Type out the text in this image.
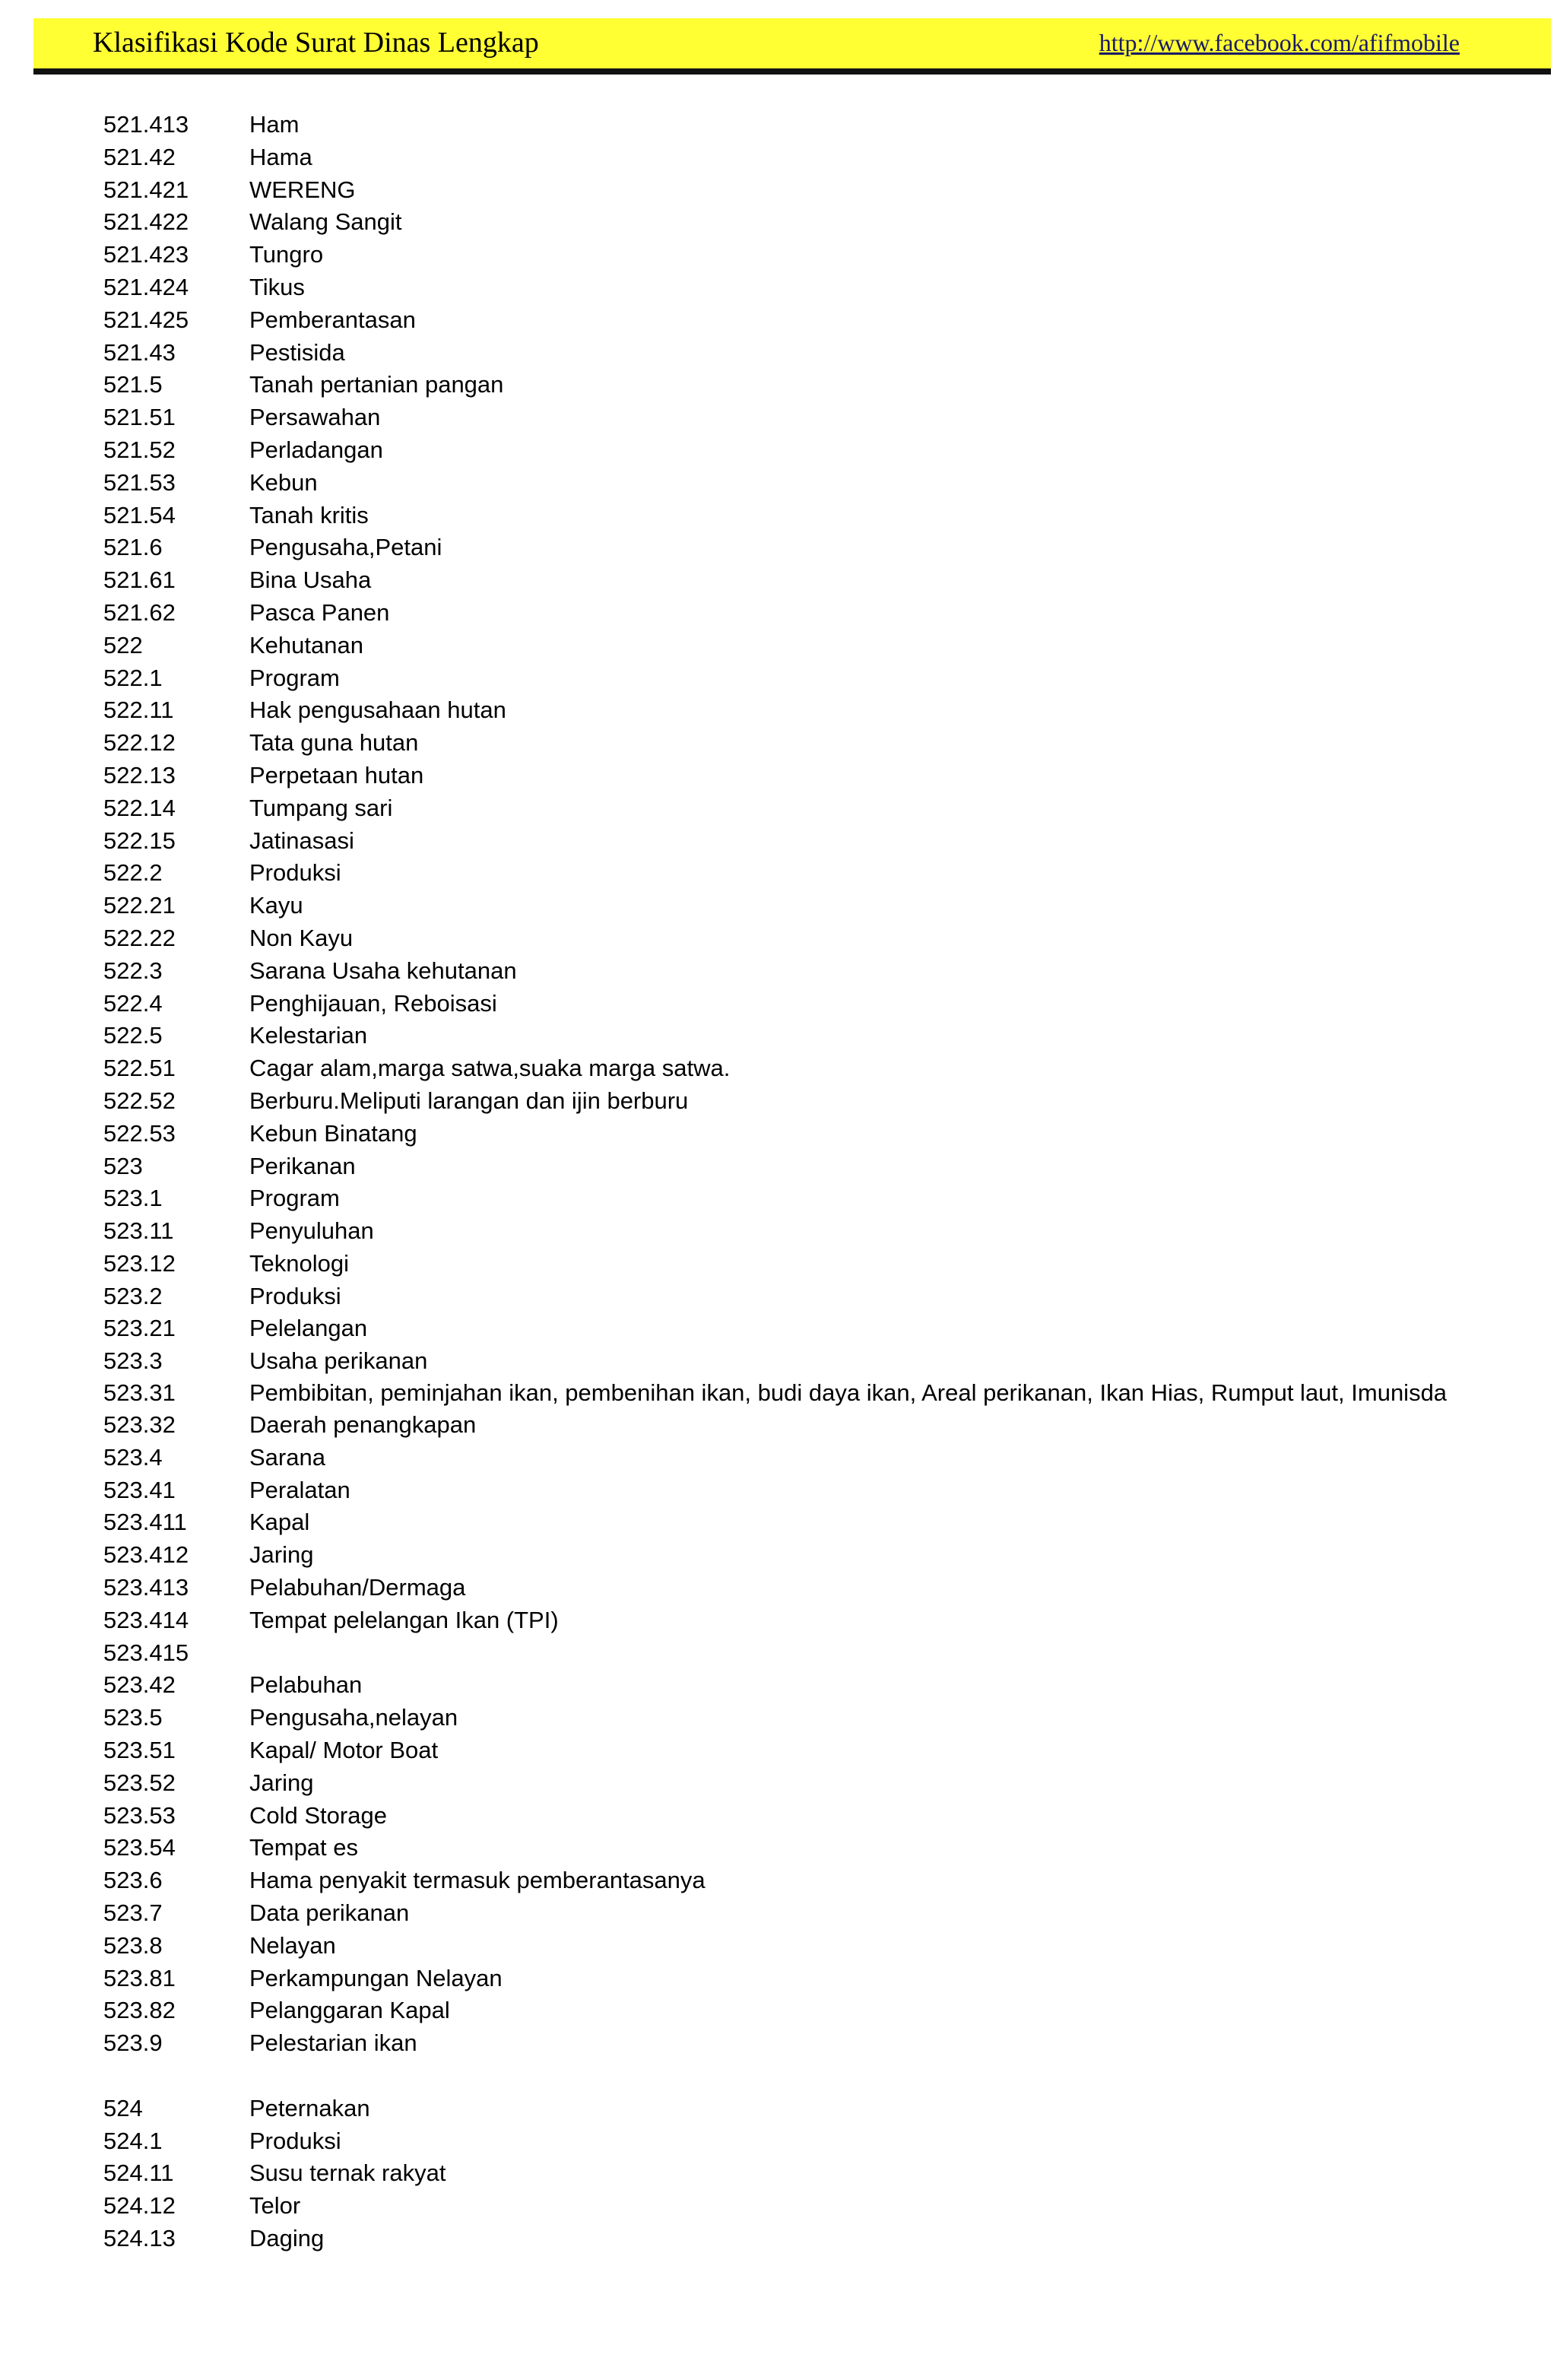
Klasifikasi Kode Surat Dinas Lengkap	http://www.facebook.com/afifmobile
521.413	Ham
521.42	Hama
521.421	WERENG
521.422	Walang Sangit
521.423	Tungro
521.424	Tikus
521.425	Pemberantasan
521.43	Pestisida
521.5	Tanah pertanian pangan
521.51	Persawahan
521.52	Perladangan
521.53	Kebun
521.54	Tanah kritis
521.6	Pengusaha,Petani
521.61	Bina Usaha
521.62	Pasca Panen
522	Kehutanan
522.1	Program
522.11	Hak pengusahaan hutan
522.12	Tata guna hutan
522.13	Perpetaan hutan
522.14	Tumpang sari
522.15	Jatinasasi
522.2	Produksi
522.21	Kayu
522.22	Non Kayu
522.3	Sarana Usaha kehutanan
522.4	Penghijauan, Reboisasi
522.5	Kelestarian
522.51	Cagar alam,marga satwa,suaka marga satwa.
522.52	Berburu.Meliputi larangan dan ijin berburu
522.53	Kebun Binatang
523	Perikanan
523.1	Program
523.11	Penyuluhan
523.12	Teknologi
523.2	Produksi
523.21	Pelelangan
523.3	Usaha perikanan
523.31	Pembibitan, peminjahan ikan, pembenihan ikan, budi daya ikan, Areal perikanan, Ikan Hias, Rumput laut, Imunisda
523.32	Daerah penangkapan
523.4	Sarana
523.41	Peralatan
523.411	Kapal
523.412	Jaring
523.413	Pelabuhan/Dermaga
523.414	Tempat pelelangan Ikan (TPI)
523.415
523.42	Pelabuhan
523.5	Pengusaha,nelayan
523.51	Kapal/ Motor Boat
523.52	Jaring
523.53	Cold Storage
523.54	Tempat es
523.6	Hama penyakit termasuk pemberantasanya
523.7	Data perikanan
523.8	Nelayan
523.81	Perkampungan Nelayan
523.82	Pelanggaran Kapal
523.9	Pelestarian ikan
524	Peternakan
524.1	Produksi
524.11	Susu ternak rakyat
524.12	Telor
524.13	Daging
